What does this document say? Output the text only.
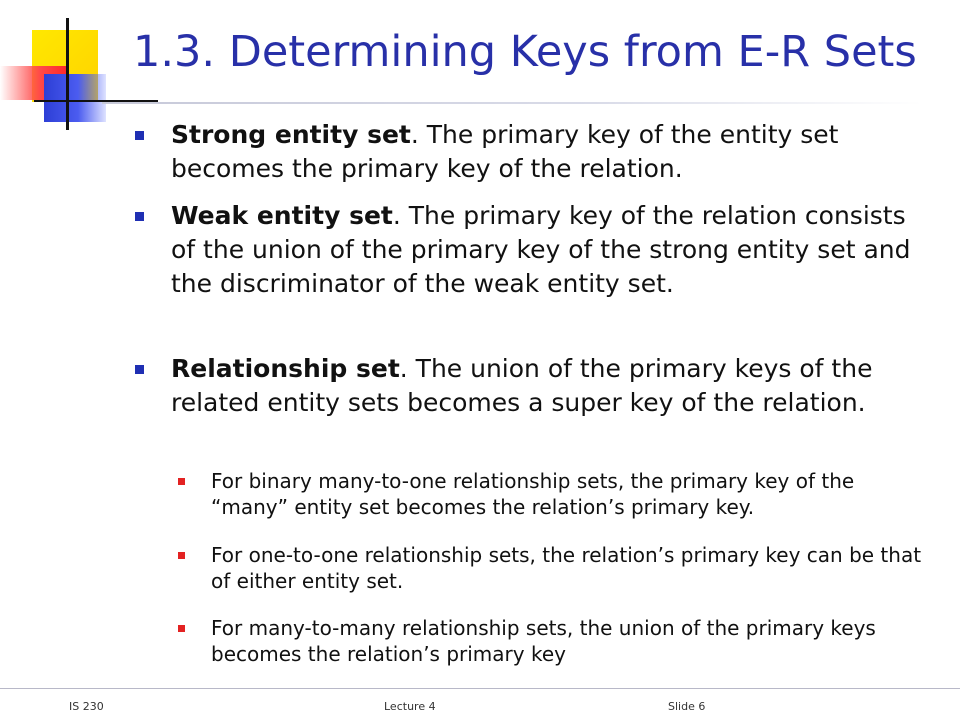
1.3. Determining Keys from E-R Sets

Strong entity set. The primary key of the entity set becomes the primary key of the relation.

Weak entity set. The primary key of the relation consists of the union of the primary key of the strong entity set and the discriminator of the weak entity set.

Relationship set. The union of the primary keys of the related entity sets becomes a super key of the relation.

For binary many-to-one relationship sets, the primary key of the “many” entity set becomes the relation’s primary key.

For one-to-one relationship sets, the relation’s primary key can be that of either entity set.

For many-to-many relationship sets, the union of the primary keys becomes the relation’s primary key

IS 230	Lecture 4	Slide 6
